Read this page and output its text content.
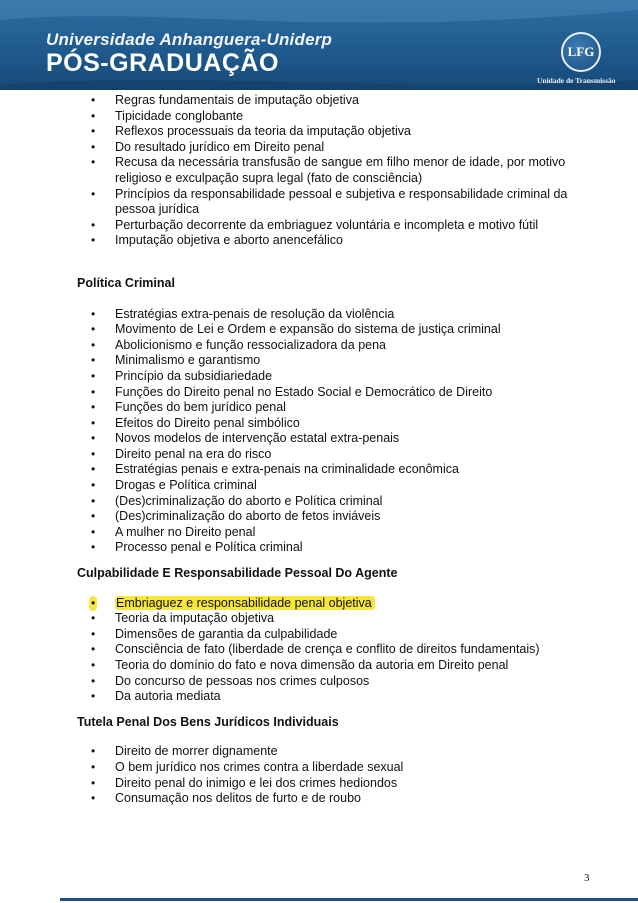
Universidade Anhanguera-Uniderp
PÓS-GRADUAÇÃO	LFG
Unidade de Transmissão
• Regras fundamentais de imputação objetiva
• Tipicidade conglobante
• Reflexos processuais da teoria da imputação objetiva
• Do resultado jurídico em Direito penal
• Recusa da necessária transfusão de sangue em filho menor de idade, por motivo religioso e exculpação supra legal (fato de consciência)
• Princípios da responsabilidade pessoal e subjetiva e responsabilidade criminal da pessoa jurídica
• Perturbação decorrente da embriaguez voluntária e incompleta e motivo fútil
• Imputação objetiva e aborto anencefálico
Política Criminal
• Estratégias extra-penais de resolução da violência
• Movimento de Lei e Ordem e expansão do sistema de justiça criminal
• Abolicionismo e função ressocializadora da pena
• Minimalismo e garantismo
• Princípio da subsidiariedade
• Funções do Direito penal no Estado Social e Democrático de Direito
• Funções do bem jurídico penal
• Efeitos do Direito penal simbólico
• Novos modelos de intervenção estatal extra-penais
• Direito penal na era do risco
• Estratégias penais e extra-penais na criminalidade econômica
• Drogas e Política criminal
• (Des)criminalização do aborto e Política criminal
• (Des)criminalização do aborto de fetos inviáveis
• A mulher no Direito penal
• Processo penal e Política criminal
Culpabilidade E Responsabilidade Pessoal Do Agente
• Embriaguez e responsabilidade penal objetiva
• Teoria da imputação objetiva
• Dimensões de garantia da culpabilidade
• Consciência de fato (liberdade de crença e conflito de direitos fundamentais)
• Teoria do domínio do fato e nova dimensão da autoria em Direito penal
• Do concurso de pessoas nos crimes culposos
• Da autoria mediata
Tutela Penal Dos Bens Jurídicos Individuais
• Direito de morrer dignamente
• O bem jurídico nos crimes contra a liberdade sexual
• Direito penal do inimigo e lei dos crimes hediondos
• Consumação nos delitos de furto e de roubo
3
